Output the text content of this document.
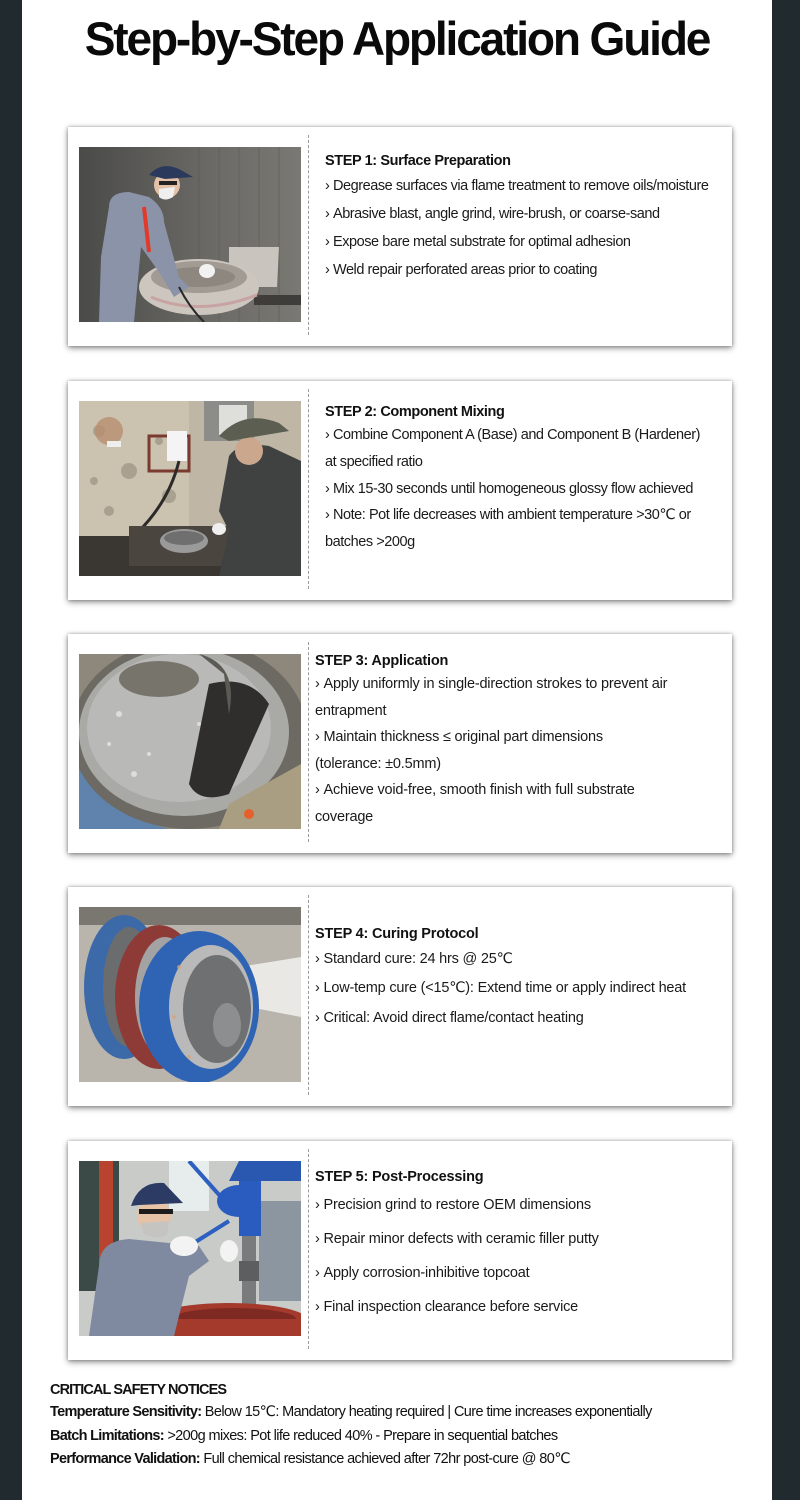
Step-by-Step Application Guide
STEP 1: Surface Preparation
› Degrease surfaces via flame treatment to remove oils/moisture
› Abrasive blast, angle grind, wire-brush, or coarse-sand
› Expose bare metal substrate for optimal adhesion
› Weld repair perforated areas prior to coating
STEP 2: Component Mixing
› Combine Component A (Base) and Component B (Hardener) at specified ratio
› Mix 15-30 seconds until homogeneous glossy flow achieved
› Note: Pot life decreases with ambient temperature >30℃ or batches >200g
STEP 3: Application
› Apply uniformly in single-direction strokes to prevent air entrapment
› Maintain thickness ≤ original part dimensions (tolerance: ±0.5mm)
› Achieve void-free, smooth finish with full substrate coverage
STEP 4: Curing Protocol
› Standard cure: 24 hrs @ 25℃
› Low-temp cure (<15℃): Extend time or apply indirect heat
› Critical: Avoid direct flame/contact heating
STEP 5: Post-Processing
› Precision grind to restore OEM dimensions
› Repair minor defects with ceramic filler putty
› Apply corrosion-inhibitive topcoat
› Final inspection clearance before service
CRITICAL SAFETY NOTICES
Temperature Sensitivity: Below 15℃: Mandatory heating required | Cure time increases exponentially
Batch Limitations: >200g mixes: Pot life reduced 40% - Prepare in sequential batches
Performance Validation: Full chemical resistance achieved after 72hr post-cure @ 80℃
